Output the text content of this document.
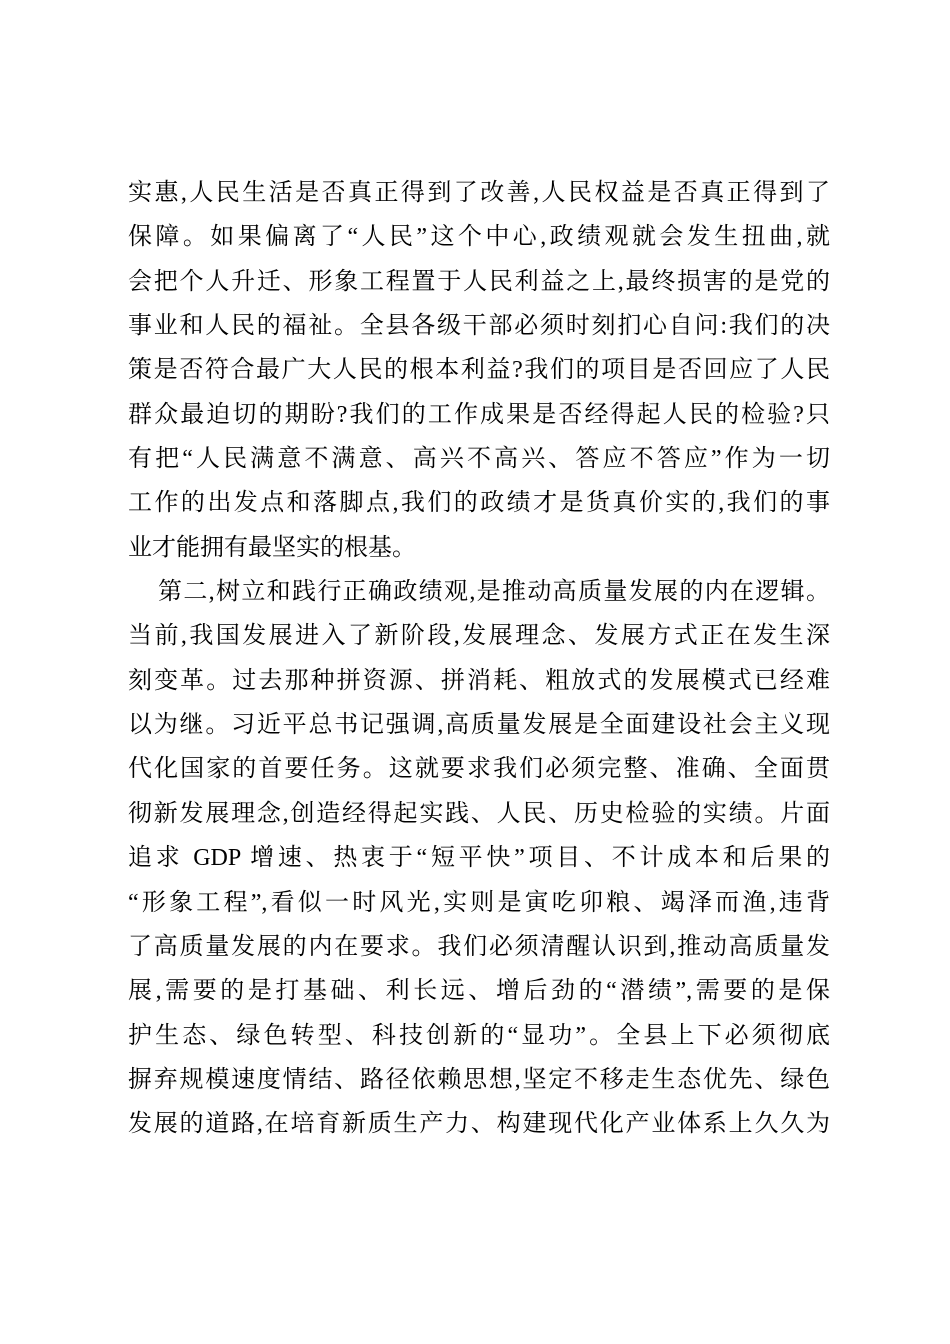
实惠,人民生活是否真正得到了改善,人民权益是否真正得到了
保障。如果偏离了“人民”这个中心,政绩观就会发生扭曲,就
会把个人升迁、形象工程置于人民利益之上,最终损害的是党的
事业和人民的福祉。全县各级干部必须时刻扪心自问:我们的决
策是否符合最广大人民的根本利益?我们的项目是否回应了人民
群众最迫切的期盼?我们的工作成果是否经得起人民的检验?只
有把“人民满意不满意、高兴不高兴、答应不答应”作为一切
工作的出发点和落脚点,我们的政绩才是货真价实的,我们的事
业才能拥有最坚实的根基。
第二,树立和践行正确政绩观,是推动高质量发展的内在逻辑。
当前,我国发展进入了新阶段,发展理念、发展方式正在发生深
刻变革。过去那种拼资源、拼消耗、粗放式的发展模式已经难
以为继。习近平总书记强调,高质量发展是全面建设社会主义现
代化国家的首要任务。这就要求我们必须完整、准确、全面贯
彻新发展理念,创造经得起实践、人民、历史检验的实绩。片面
追求 GDP 增速、热衷于“短平快”项目、不计成本和后果的
“形象工程”,看似一时风光,实则是寅吃卯粮、竭泽而渔,违背
了高质量发展的内在要求。我们必须清醒认识到,推动高质量发
展,需要的是打基础、利长远、增后劲的“潜绩”,需要的是保
护生态、绿色转型、科技创新的“显功”。全县上下必须彻底
摒弃规模速度情结、路径依赖思想,坚定不移走生态优先、绿色
发展的道路,在培育新质生产力、构建现代化产业体系上久久为
